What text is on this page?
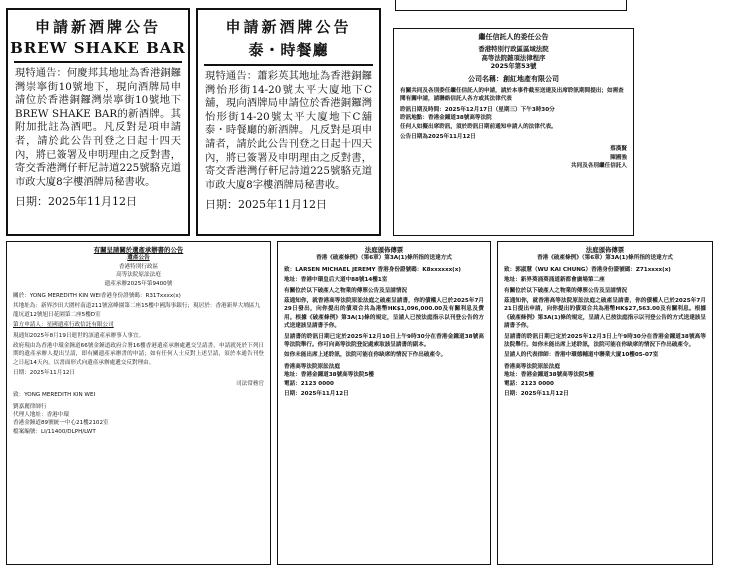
申請新酒牌公告
BREW SHAKE BAR
現特通告：何慶邦其地址為香港銅鑼灣崇寧街10號地下，現向酒牌局申請位於香港銅鑼灣崇寧街10號地下 BREW SHAKE BAR的新酒牌。其附加批註為酒吧。凡反對是項申請者，請於此公告刊登之日起十四天內，將已簽署及申明理由之反對書，寄交香港灣仔軒尼詩道225號駱克道市政大廈8字樓酒牌局秘書收。
日期：2025年11月12日
申請新酒牌公告
泰・時餐廳
現特通告：蕭彩英其地址為香港銅鑼灣怡形街14-20號太平大廈地下C舖，現向酒牌局申請位於香港銅鑼灣怡形街14-20號太平大廈地下C舖泰・時餐廳的新酒牌。凡反對是項申請者，請於此公告刊登之日起十四天內，將已簽署及申明理由之反對書，寄交香港灣仔軒尼詩道225號駱克道市政大廈8字樓酒牌局秘書收。
日期：2025年11月12日
繼任信託人的委任公告
香港特別行政區區域法院
高等法院雜項法律程序
2025年第53號
公司名稱：創紅地產有限公司
有關共同及各別委任繼任信託人的申請，請於本事件截至送達及出席聆訊期間提出；如需查閱有關申請，請聯絡信託人各方或其法律代表
聆訊日期及時間：2025年12月17日（星期三）下午3時30分
聆訊地點：香港金鐘道38號高等法院
任何人如擬出席聆訊，須於聆訊日期前通知申請人的法律代表。
公告日期為2025年11月12日
蔡漢賢
陳國強
共同及各別繼任信託人
有關呈請關於遺產承辦書的公告
遺產公告
香港特別行政區
高等法院原訟法庭
遺產承辦2025年第9400號
關於：YONG MEREDITH KIN WEI香港身份證號碼：R31Txxxx(x)
其地址為：新界沙田大圍村南道211號富峰園第二座15樓中國海事銀行；現居於：香港新界大埔區九龍坑道12號旭日花園第二座5樓D室
第方申請人：星國遺產行政信託有限公司
現通知2025年8月19日逝世的該遺產承辦事人事宜。
政府現由為香港中環金鐘道66號金鐘道政府合署16樓香港遺產承辦處遞交呈請書，申請就死於下列日期的遺產承辦人提出呈請，即有關遺產承辦書的申請；如有任何人士反對上述呈請，須於本通告刊登之日起14天內，以書面形式向遺產承辦處遞交反對理由。
日期：2025年11月12日
司法常務官
致：YONG MEREDITH KIN WEI
劉嘉麗律師行
代理人地址：香港中環
香港金鐘道89號統一中心21樓2102室
檔案編號：LI/11400/DLPH/LWT
法庭頒佈傳票
香港《破產條例》（第6章）第3A(1)條所指的送達方式
致：LARSEN MICHAEL JEREMY 香港身份證號碼：K8xxxxxx(x)
地址：香港中環皇后大道中88號14樓1室
有關位於以下破產人之物業的傳票公告及呈請情況
茲通知你，就香港高等法院原訟法庭之破產呈請書，你的債權人已於2025年7月29日發出，向你提出的債項合共為港幣HK$1,096,000.00及有關利息及費用。根據《破產條例》第3A(1)條的規定，呈請人已按法庭指示以刊登公告的方式送達該呈請書予你。
呈請書的聆訊日期已定於2025年12月10日上午9時30分在香港金鐘道38號高等法院舉行。你可向高等法院登記處索取該呈請書的副本。
如你未能出席上述聆訊，法院可能在你缺席的情況下作出破產令。
香港高等法院原訟法庭
地址：香港金鐘道38號高等法院5樓
電話：2123 0000
日期：2025年11月12日
法庭頒佈傳票
香港《破產條例》（第6章）第3A(1)條所指的送達方式
致：郭淑慧（WU KAI CHUNG）香港身份證號碼：Z71xxxx(x)
地址：新界葵涌葵涌道新都會廣場第二座
有關位於以下破產人之物業的傳票公告及呈請情況
茲通知你，就香港高等法院原訟法庭之破產呈請書，你的債權人已於2025年7月21日提出申請，向你提出的債項合共為港幣HK$27,563.00及有關利息。根據《破產條例》第3A(1)條的規定，呈請人已按法庭指示以刊登公告的方式送達該呈請書予你。
呈請書的聆訊日期已定於2025年12月3日上午9時30分在香港金鐘道38號高等法院舉行。如你未能出席上述聆訊，法院可能在你缺席的情況下作出破產令。
呈請人的代表律師：香港中環德輔道中聯業大廈10樓05-07室
香港高等法院原訟法庭
地址：香港金鐘道38號高等法院5樓
電話：2123 0000
日期：2025年11月12日
